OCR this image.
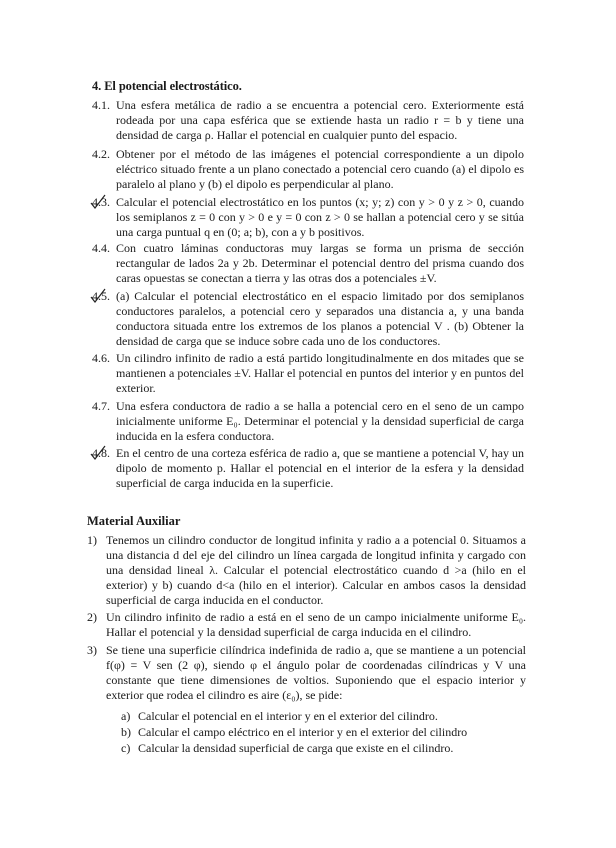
4. El potencial electrostático.
4.1. Una esfera metálica de radio a se encuentra a potencial cero. Exteriormente está rodeada por una capa esférica que se extiende hasta un radio r = b y tiene una densidad de carga ρ. Hallar el potencial en cualquier punto del espacio.
4.2. Obtener por el método de las imágenes el potencial correspondiente a un dipolo eléctrico situado frente a un plano conectado a potencial cero cuando (a) el dipolo es paralelo al plano y (b) el dipolo es perpendicular al plano.
4.3. Calcular el potencial electrostático en los puntos (x; y; z) con y > 0 y z > 0, cuando los semiplanos z = 0 con y > 0 e y = 0 con z > 0 se hallan a potencial cero y se sitúa una carga puntual q en (0; a; b), con a y b positivos.
4.4. Con cuatro láminas conductoras muy largas se forma un prisma de sección rectangular de lados 2a y 2b. Determinar el potencial dentro del prisma cuando dos caras opuestas se conectan a tierra y las otras dos a potenciales ±V.
4.5. (a) Calcular el potencial electrostático en el espacio limitado por dos semiplanos conductores paralelos, a potencial cero y separados una distancia a, y una banda conductora situada entre los extremos de los planos a potencial V . (b) Obtener la densidad de carga que se induce sobre cada uno de los conductores.
4.6. Un cilindro infinito de radio a está partido longitudinalmente en dos mitades que se mantienen a potenciales ±V. Hallar el potencial en puntos del interior y en puntos del exterior.
4.7. Una esfera conductora de radio a se halla a potencial cero en el seno de un campo inicialmente uniforme E₀. Determinar el potencial y la densidad superficial de carga inducida en la esfera conductora.
4.8. En el centro de una corteza esférica de radio a, que se mantiene a potencial V, hay un dipolo de momento p. Hallar el potencial en el interior de la esfera y la densidad superficial de carga inducida en la superficie.
Material Auxiliar
1) Tenemos un cilindro conductor de longitud infinita y radio a a potencial 0. Situamos a una distancia d del eje del cilindro un línea cargada de longitud infinita y cargado con una densidad lineal λ. Calcular el potencial electrostático cuando d >a (hilo en el exterior) y b) cuando d<a (hilo en el interior). Calcular en ambos casos la densidad superficial de carga inducida en el conductor.
2) Un cilindro infinito de radio a está en el seno de un campo inicialmente uniforme E₀. Hallar el potencial y la densidad superficial de carga inducida en el cilindro.
3) Se tiene una superficie cilíndrica indefinida de radio a, que se mantiene a un potencial f(φ) = V sen (2 φ), siendo φ el ángulo polar de coordenadas cilíndricas y V una constante que tiene dimensiones de voltios. Suponiendo que el espacio interior y exterior que rodea el cilindro es aire (ε₀), se pide:
a) Calcular el potencial en el interior y en el exterior del cilindro.
b) Calcular el campo eléctrico en el interior y en el exterior del cilindro
c) Calcular la densidad superficial de carga que existe en el cilindro.
